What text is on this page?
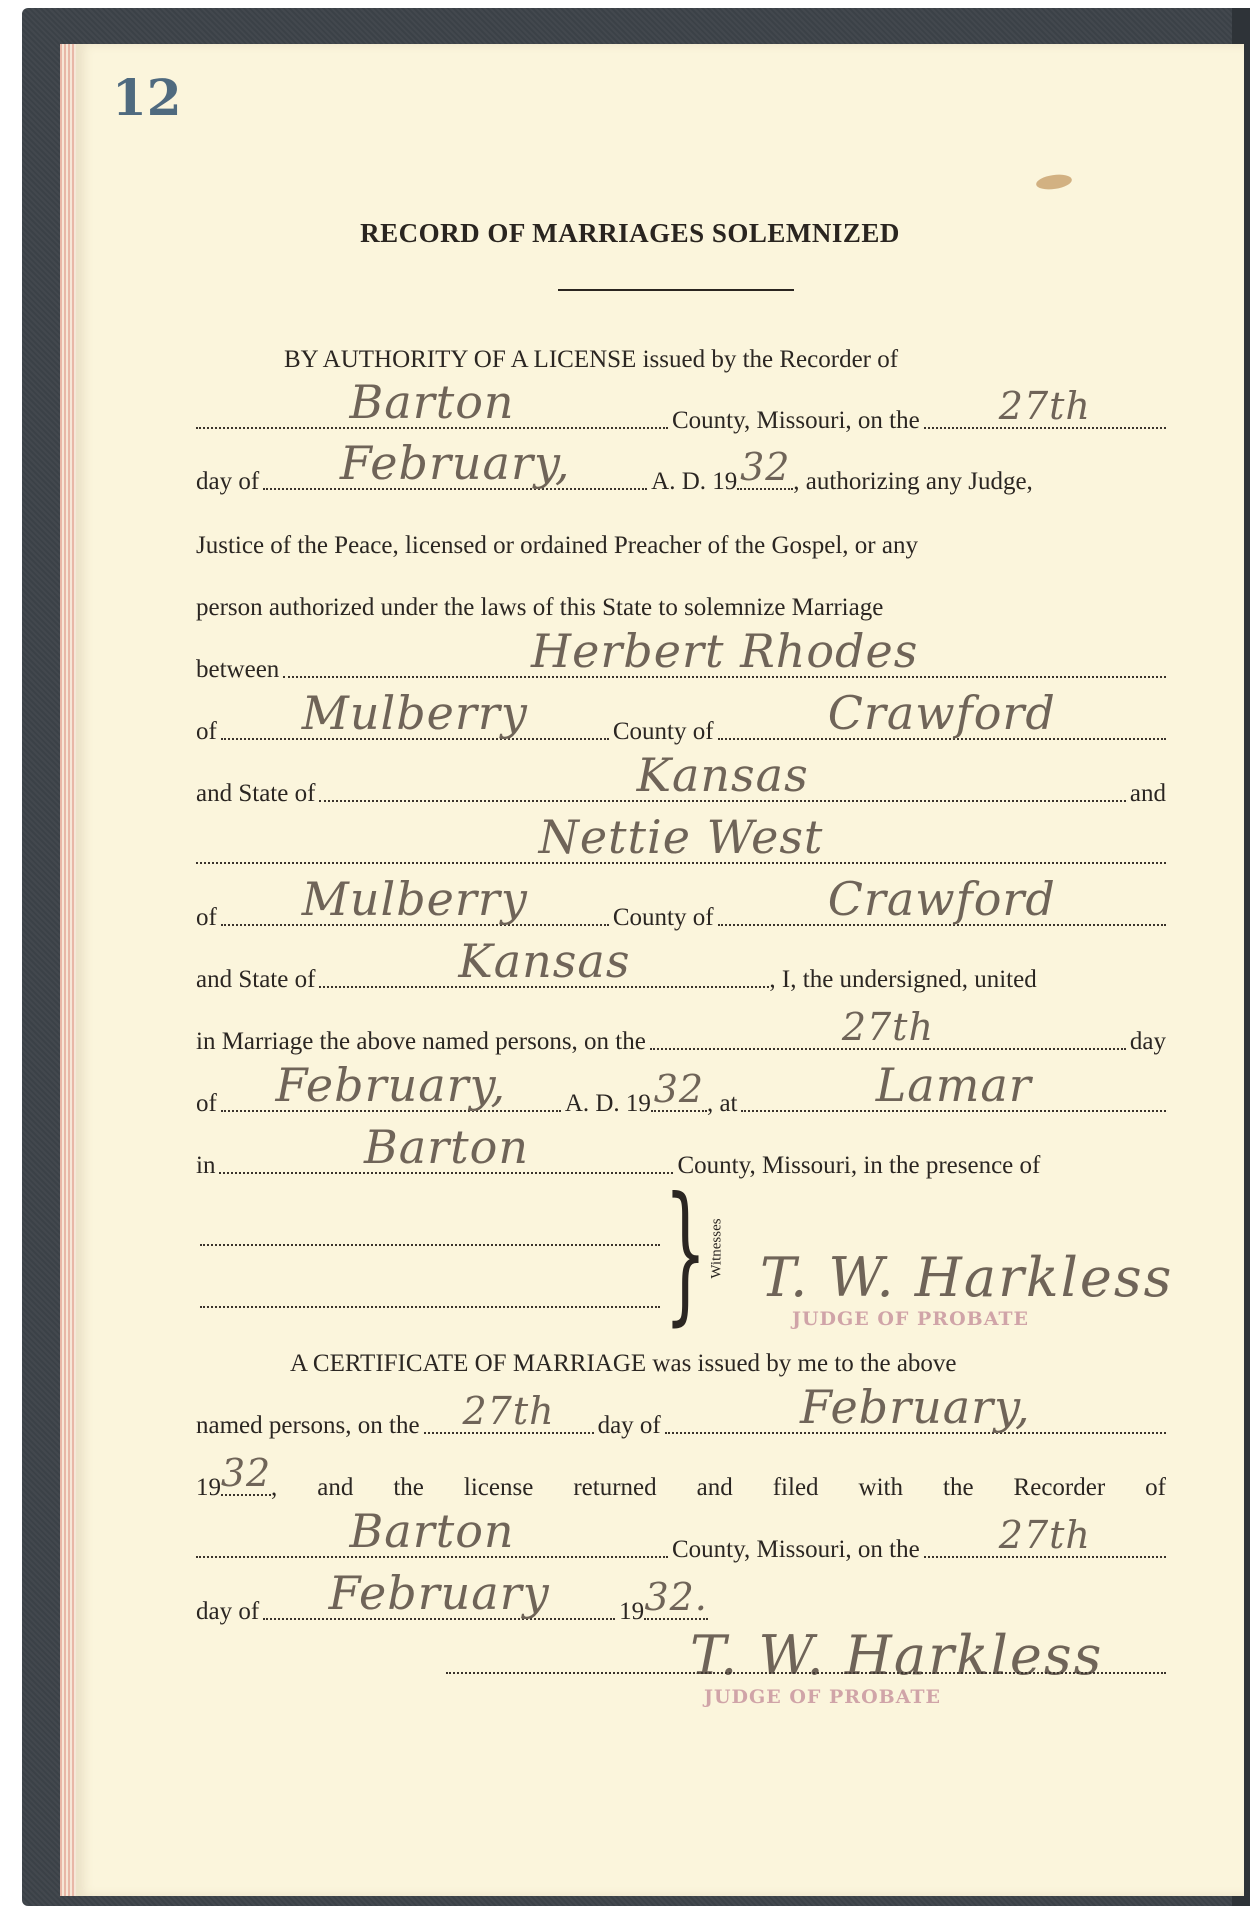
12
RECORD OF MARRIAGES SOLEMNIZED
BY AUTHORITY OF A LICENSE issued by the Recorder of
Barton	County, Missouri, on the 27th
day of February,	A. D. 19 32 , authorizing any Judge,
Justice of the Peace, licensed or ordained Preacher of the Gospel, or any
person authorized under the laws of this State to solemnize Marriage
between	Herbert Rhodes
of Mulberry	County of Crawford
and State of	Kansas	and
Nettie West
of Mulberry	County of Crawford
and State of	Kansas	, I, the undersigned, united
in Marriage the above named persons, on the	27th	day
of February, A. D. 19 32 , at	Lamar
in	Barton	County, Missouri, in the presence of
} Witnesses T. W. Harkless
JUDGE OF PROBATE
A CERTIFICATE OF MARRIAGE was issued by me to the above
named persons, on the 27th day of	February,
19 32 , and the license returned and filed with the Recorder of
Barton	County, Missouri, on the 27th
day of February	19 32.
T. W. Harkless
JUDGE OF PROBATE
